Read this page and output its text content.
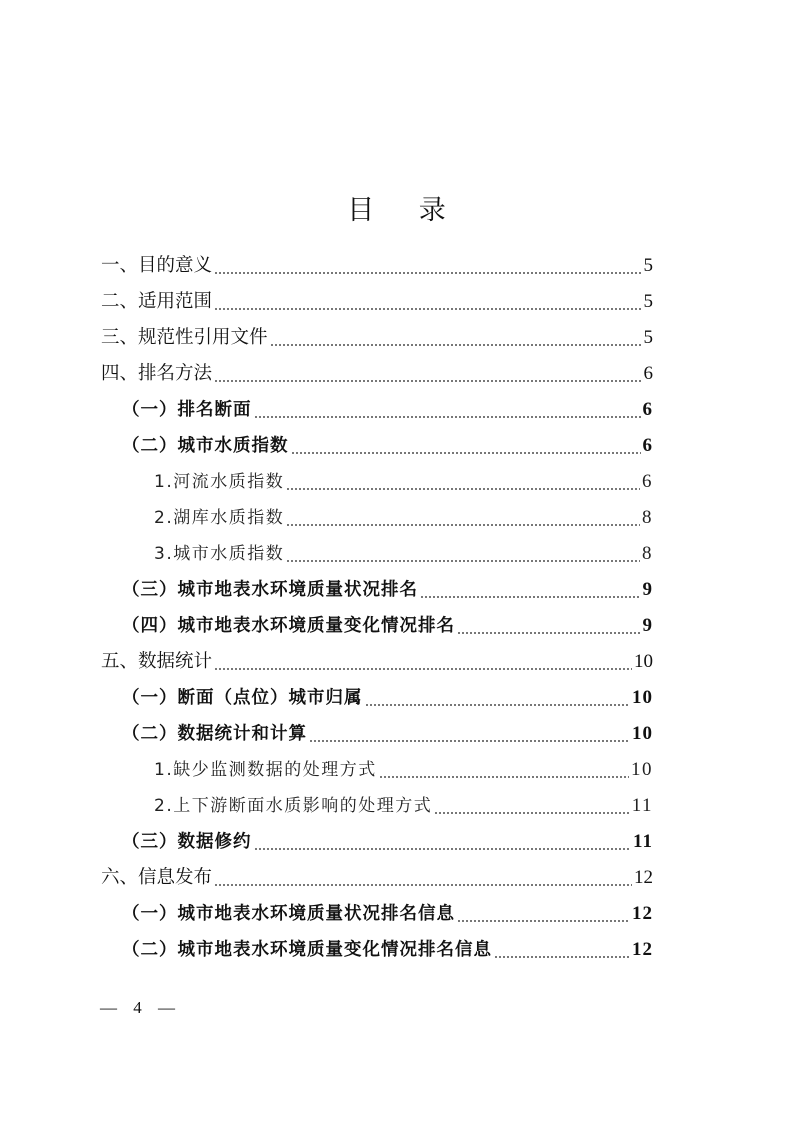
目 录
一、目的意义	5
二、适用范围	5
三、规范性引用文件	5
四、排名方法	6
（一）排名断面	6
（二）城市水质指数	6
1.河流水质指数	6
2.湖库水质指数	8
3.城市水质指数	8
（三）城市地表水环境质量状况排名	9
（四）城市地表水环境质量变化情况排名	9
五、数据统计	10
（一）断面（点位）城市归属	10
（二）数据统计和计算	10
1.缺少监测数据的处理方式	10
2.上下游断面水质影响的处理方式	11
（三）数据修约	11
六、信息发布	12
（一）城市地表水环境质量状况排名信息	12
（二）城市地表水环境质量变化情况排名信息	12
— 4 —
